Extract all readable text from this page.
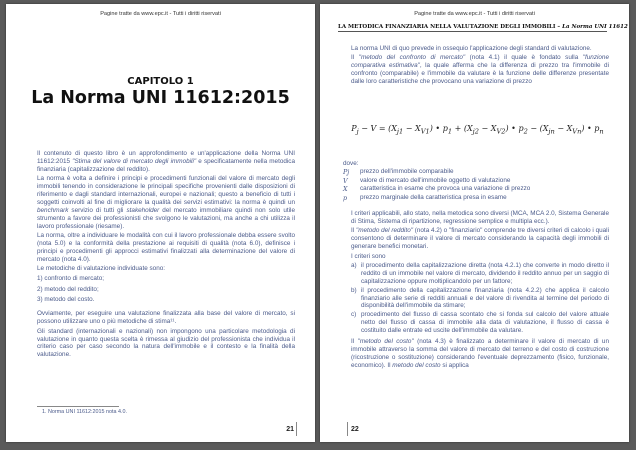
Pagine tratte da www.epc.it - Tutti i diritti riservati
CAPITOLO 1
La Norma UNI 11612:2015

Il contenuto di questo libro è un approfondimento e un'applicazione della Norma UNI 11612:2015 "Stima del valore di mercato degli immobili" e specificatamente nella metodica finanziaria (capitalizzazione del reddito).

La norma è volta a definire i principi e procedimenti funzionali del valore di mercato degli immobili tenendo in considerazione le principali specifiche provenienti dalle disposizioni di riferimento e dagli standard internazionali, europei e nazionali; questo a beneficio di tutti i soggetti coinvolti al fine di migliorare la qualità dei servizi estimativi: la norma è quindi un benchmark servizio di tutti gli stakeholder del mercato immobiliare quindi non solo utile strumento a favore dei professionisti che svolgono le valutazioni, ma anche a chi utilizza il lavoro professionale (riesame).

La norma, oltre a individuare le modalità con cui il lavoro professionale debba essere svolto (nota 5.0) e la conformità della prestazione ai requisiti di qualità (nota 6.0), definisce i principi e procedimenti gli approcci estimativi finalizzati alla determinazione del valore di mercato (nota 4.0).

Le metodiche di valutazione individuate sono:

1) confronto di mercato;

2) metodo del reddito;

3) metodo del costo.

Ovviamente, per eseguire una valutazione finalizzata alla base del valore di mercato, si possono utilizzare uno o più metodiche di stima¹¹.

Gli standard (internazionali e nazionali) non impongono una particolare metodologia di valutazione in quanto questa scelta è rimessa al giudizio del professionista che individua il criterio caso per caso secondo la natura dell'immobile e il contesto e la finalità della valutazione.

1. Norma UNI 11612:2015 nota 4.0.
21
Pagine tratte da www.epc.it - Tutti i diritti riservati
LA METODICA FINANZIARIA NELLA VALUTAZIONE DEGLI IMMOBILI – La Norma UNI 11612

La norma UNI di quo prevede in ossequio l'applicazione degli standard di valutazione.

Il "metodo del confronto di mercato" (nota 4.1) il quale è fondato sulla "funzione comparativa estimativa", la quale afferma che la differenza di prezzo tra l'immobile di confronto (comparabile) e l'immobile da valutare è la funzione delle differenze presentate dalle loro caratteristiche che provocano una variazione di prezzo

$P_j - V = (X_{j1} - X_{V1})$ • $p_1 + (X_{j2} - X_{V2})$ • $p_2 - (X_{jn} - X_{Vn})$ • $p_n$
dove:
Pj	prezzo dell'immobile comparabile
V	valore di mercato dell'immobile oggetto di valutazione
X	caratteristica in esame che provoca una variazione di prezzo
p	prezzo marginale della caratteristica presa in esame

I criteri applicabili, allo stato, nella metodica sono diversi (MCA, MCA 2.0, Sistema Generale di Stima, Sistema di ripartizione, regressione semplice e multipla ecc.).

Il "metodo del reddito" (nota 4.2) o "finanziario" comprende tre diversi criteri di calcolo i quali consentono di determinare il valore di mercato considerando la capacità degli immobili di generare benefici monetari.

I criteri sono

a) il procedimento della capitalizzazione diretta (nota 4.2.1) che converte in modo diretto il reddito di un immobile nel valore di mercato, dividendo il reddito annuo per un saggio di capitalizzazione oppure moltiplicandolo per un fattore;
b) il procedimento della capitalizzazione finanziaria (nota 4.2.2) che applica il calcolo finanziario alle serie di redditi annuali e del valore di rivendita al termine del periodo di disponibilità dell'immobile da stimare;
c) procedimento del flusso di cassa scontato che si fonda sul calcolo del valore attuale netto del flusso di cassa di immobile alla data di valutazione, il flusso di cassa è costituito dalle entrate ed uscite dell'immobile da valutare.

Il "metodo del costo" (nota 4.3) è finalizzato a determinare il valore di mercato di un immobile attraverso la somma del valore di mercato del terreno e del costo di costruzione (ricostruzione o sostituzione) considerando l'eventuale deprezzamento (fisico, funzionale, economico). Il metodo del costo si applica

22
